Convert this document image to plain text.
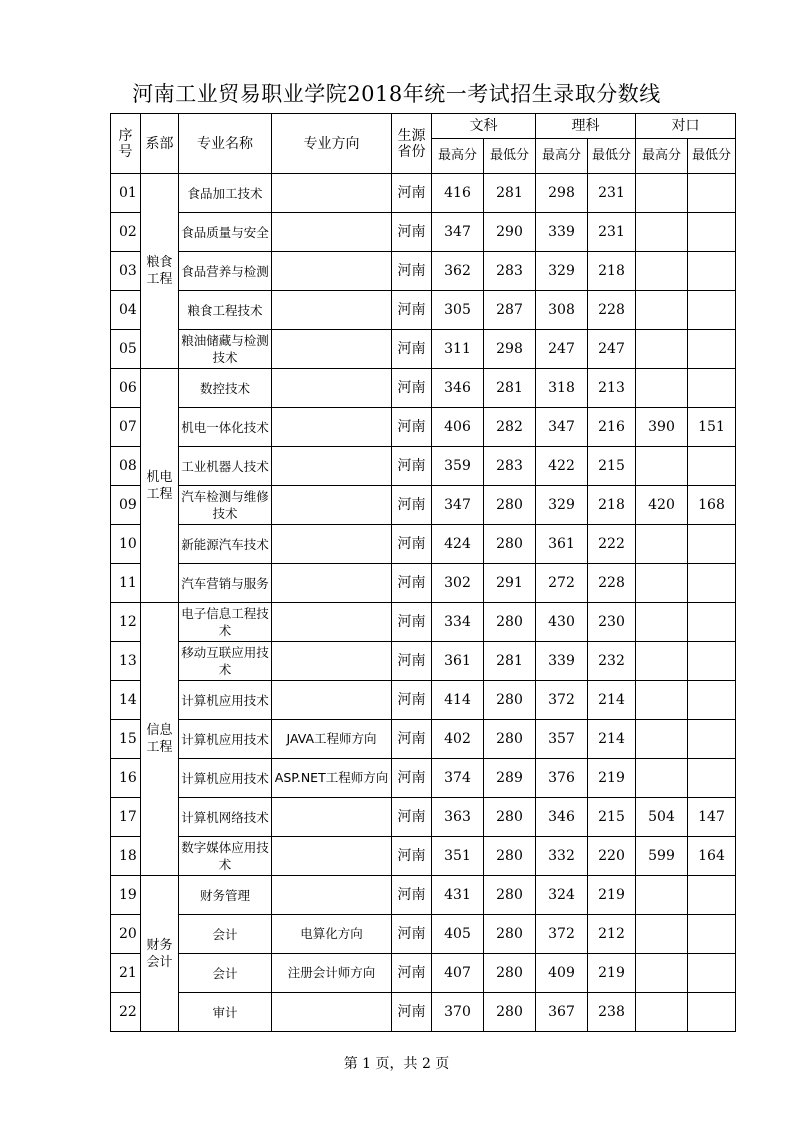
河南工业贸易职业学院2018年统一考试招生录取分数线
序号	系部	专业名称	专业方向	生源省份	文科		理科		对口	
					最高分	最低分	最高分	最低分	最高分	最低分
01	粮食工程	食品加工技术		河南	416	281	298	231		
02		食品质量与安全		河南	347	290	339	231		
03		食品营养与检测		河南	362	283	329	218		
04		粮食工程技术		河南	305	287	308	228		
05		粮油储藏与检测技术		河南	311	298	247	247		
06	机电工程	数控技术		河南	346	281	318	213		
07		机电一体化技术		河南	406	282	347	216	390	151
08		工业机器人技术		河南	359	283	422	215		
09		汽车检测与维修技术		河南	347	280	329	218	420	168
10		新能源汽车技术		河南	424	280	361	222		
11		汽车营销与服务		河南	302	291	272	228		
12	信息工程	电子信息工程技术		河南	334	280	430	230		
13		移动互联应用技术		河南	361	281	339	232		
14		计算机应用技术		河南	414	280	372	214		
15		计算机应用技术	JAVA工程师方向	河南	402	280	357	214		
16		计算机应用技术	ASP.NET工程师方向	河南	374	289	376	219		
17		计算机网络技术		河南	363	280	346	215	504	147
18		数字媒体应用技术		河南	351	280	332	220	599	164
19	财务会计	财务管理		河南	431	280	324	219		
20		会计	电算化方向	河南	405	280	372	212		
21		会计	注册会计师方向	河南	407	280	409	219		
22		审计		河南	370	280	367	238		
第 1 页，共 2 页
